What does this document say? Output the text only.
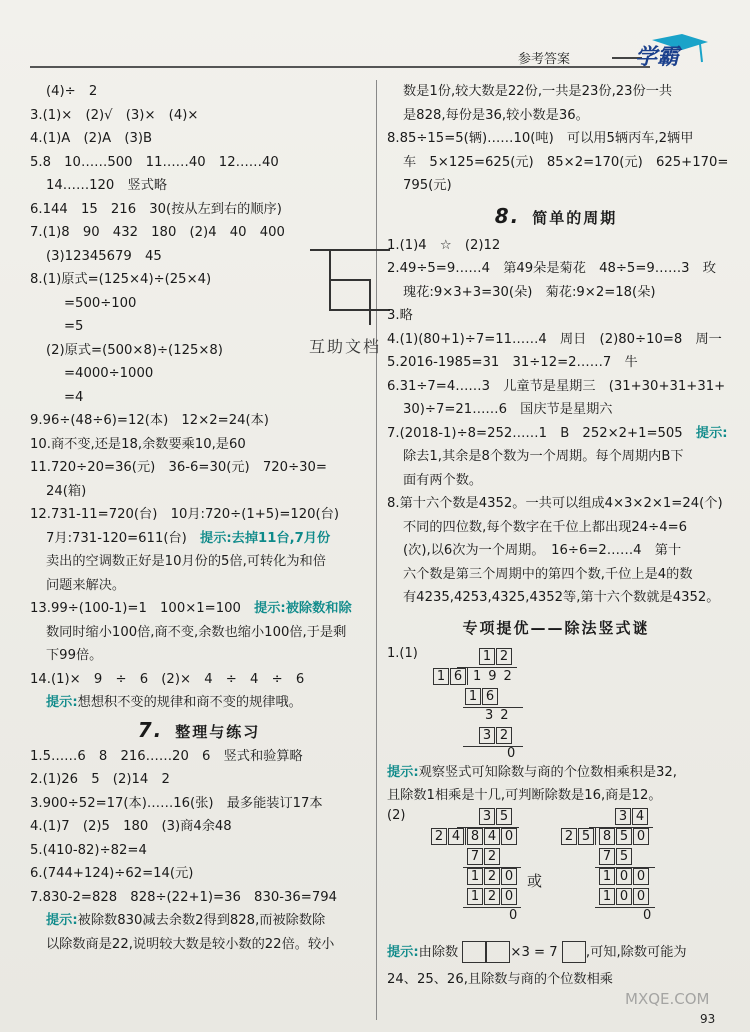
参考答案	学霸
互助文档
(4)÷　2
3.(1)×　(2)√　(3)×　(4)×
4.(1)A　(2)A　(3)B
5.8　10……500　11……40　12……40
14……120　竖式略
6.144　15　216　30(按从左到右的顺序)
7.(1)8　90　432　180　(2)4　40　400
(3)12345679　45
8.(1)原式=(125×4)÷(25×4)
=500÷100
=5
(2)原式=(500×8)÷(125×8)
=4000÷1000
=4
9.96÷(48÷6)=12(本)　12×2=24(本)
10.商不变,还是18,余数要乘10,是60
11.720÷20=36(元)　36-6=30(元)　720÷30=
24(箱)
12.731-11=720(台)　10月:720÷(1+5)=120(台)
7月:731-120=611(台)　 提示:去掉11台,7月份
卖出的空调数正好是10月份的5倍,可转化为和倍
问题来解决。
13.99÷(100-1)=1　100×1=100　 提示:被除数和除
数同时缩小100倍,商不变,余数也缩小100倍,于是剩
下99倍。
14.(1)×　9　÷　6　(2)×　4　÷　4　÷　6
提示:想想积不变的规律和商不变的规律哦。
7. 整理与练习
1.5……6　8　216……20　6　竖式和验算略
2.(1)26　5　(2)14　2
3.900÷52=17(本)……16(张)　最多能装订17本
4.(1)7　(2)5　180　(3)商4余48
5.(410-82)÷82=4
6.(744+124)÷62=14(元)
7.830-2=828　828÷(22+1)=36　830-36=794
提示:被除数830减去余数2得到828,而被除数除
以除数商是22,说明较大数是较小数的22倍。较小
数是1份,较大数是22份,一共是23份,23份一共
是828,每份是36,较小数是36。
8.85÷15=5(辆)……10(吨)　可以用5辆丙车,2辆甲
车　5×125=625(元)　85×2=170(元)　625+170=
795(元)
8. 简单的周期
1.(1)4　☆　(2)12
2.49÷5=9……4　第49朵是菊花　48÷5=9……3　玫
瑰花:9×3+3=30(朵)　菊花:9×2=18(朵)
3.略
4.(1)(80+1)÷7=11……4　周日　(2)80÷10=8　周一
5.2016-1985=31　31÷12=2……7　牛
6.31÷7=4……3　儿童节是星期三　(31+30+31+31+
30)÷7=21……6　国庆节是星期六
7.(2018-1)÷8=252……1　B　252×2+1=505　 提示:
除去1,其余是8个数为一个周期。每个周期内B下
面有两个数。
8.第十六个数是4352。一共可以组成4×3×2×1=24(个)
不同的四位数,每个数字在千位上都出现24÷4=6
(次),以6次为一个周期。　16÷6=2……4　第十
六个数是第三个周期中的第四个数,千位上是4的数
有4235,4253,4325,4352等,第十六个数就是4352。
专项提优——除法竖式谜
1.(1)	1 2
1 6 192
1 6
32
3 2
0
提示:观察竖式可知除数与商的个位数相乘积是32,
且除数1相乘是十几,可判断除数是16,商是12。
(2)	3 5
2 4 8 4 0
7 2
1 2 0
1 2 0
0
或
3 4
2 5 8 5 0
7 5
1 0 0
1 0 0
0
提示:由除数	×3 = 7 ,可知,除数可能为
24、25、26,且除数与商的个位数相乘
MXQE.COM
93
